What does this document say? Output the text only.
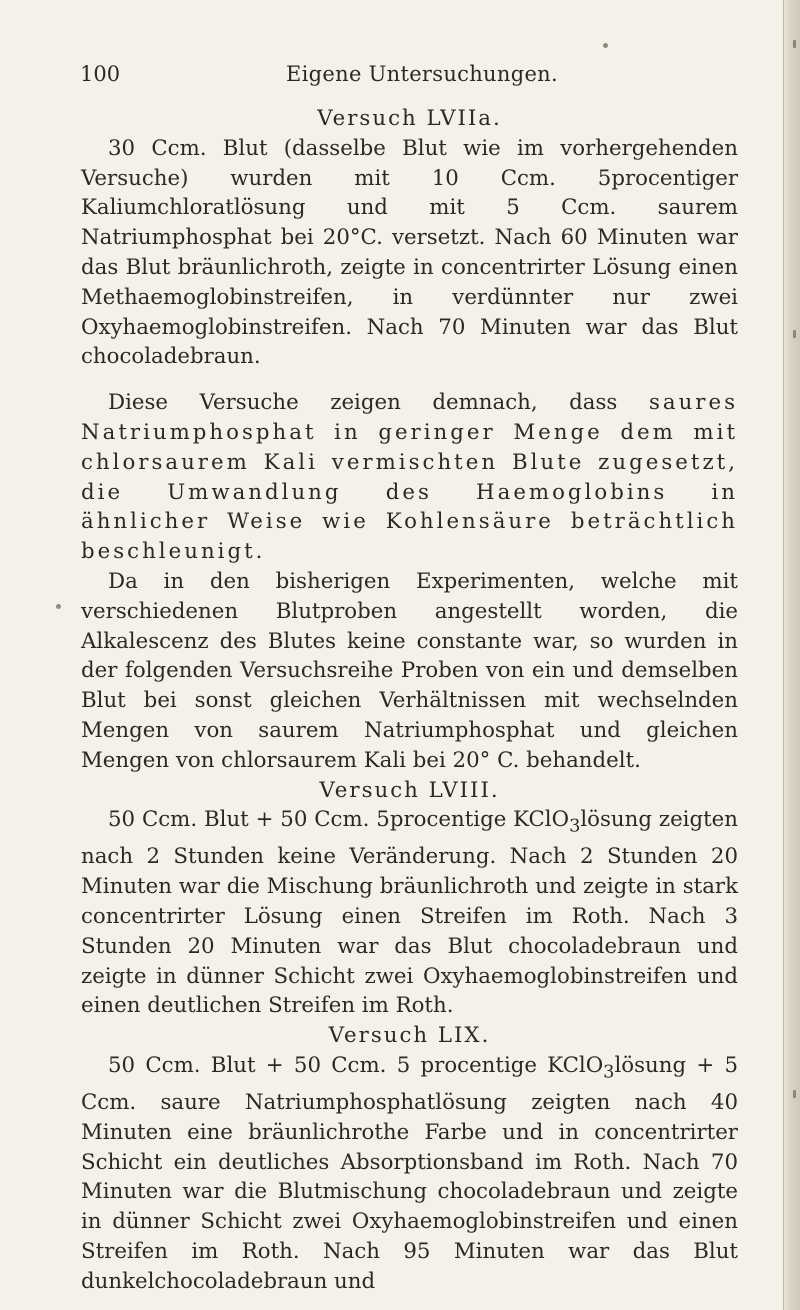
100	Eigene Untersuchungen.

Versuch LVIIa.

30 Ccm. Blut (dasselbe Blut wie im vorhergehenden Versuche) wurden mit 10 Ccm. 5procentiger Kaliumchloratlösung und mit 5 Ccm. saurem Natriumphosphat bei 20°C. versetzt. Nach 60 Minuten war das Blut bräunlichroth, zeigte in concentrirter Lösung einen Methaemoglobinstreifen, in verdünnter nur zwei Oxyhaemoglobinstreifen. Nach 70 Minuten war das Blut chocoladebraun.

Diese Versuche zeigen demnach, dass saures Natriumphosphat in geringer Menge dem mit chlorsaurem Kali vermischten Blute zugesetzt, die Umwandlung des Haemoglobins in ähnlicher Weise wie Kohlensäure beträchtlich beschleunigt.

Da in den bisherigen Experimenten, welche mit verschiedenen Blutproben angestellt worden, die Alkalescenz des Blutes keine constante war, so wurden in der folgenden Versuchsreihe Proben von ein und demselben Blut bei sonst gleichen Verhältnissen mit wechselnden Mengen von saurem Natriumphosphat und gleichen Mengen von chlorsaurem Kali bei 20° C. behandelt.

Versuch LVIII.

50 Ccm. Blut + 50 Ccm. 5procentige KClO$_3$lösung zeigten nach 2 Stunden keine Veränderung. Nach 2 Stunden 20 Minuten war die Mischung bräunlichroth und zeigte in stark concentrirter Lösung einen Streifen im Roth. Nach 3 Stunden 20 Minuten war das Blut chocoladebraun und zeigte in dünner Schicht zwei Oxyhaemoglobinstreifen und einen deutlichen Streifen im Roth.

Versuch LIX.

50 Ccm. Blut + 50 Ccm. 5 procentige KClO$_3$lösung + 5 Ccm. saure Natriumphosphatlösung zeigten nach 40 Minuten eine bräunlichrothe Farbe und in concentrirter Schicht ein deutliches Absorptionsband im Roth. Nach 70 Minuten war die Blutmischung chocoladebraun und zeigte in dünner Schicht zwei Oxyhaemoglobinstreifen und einen Streifen im Roth. Nach 95 Minuten war das Blut dunkelchocoladebraun und
